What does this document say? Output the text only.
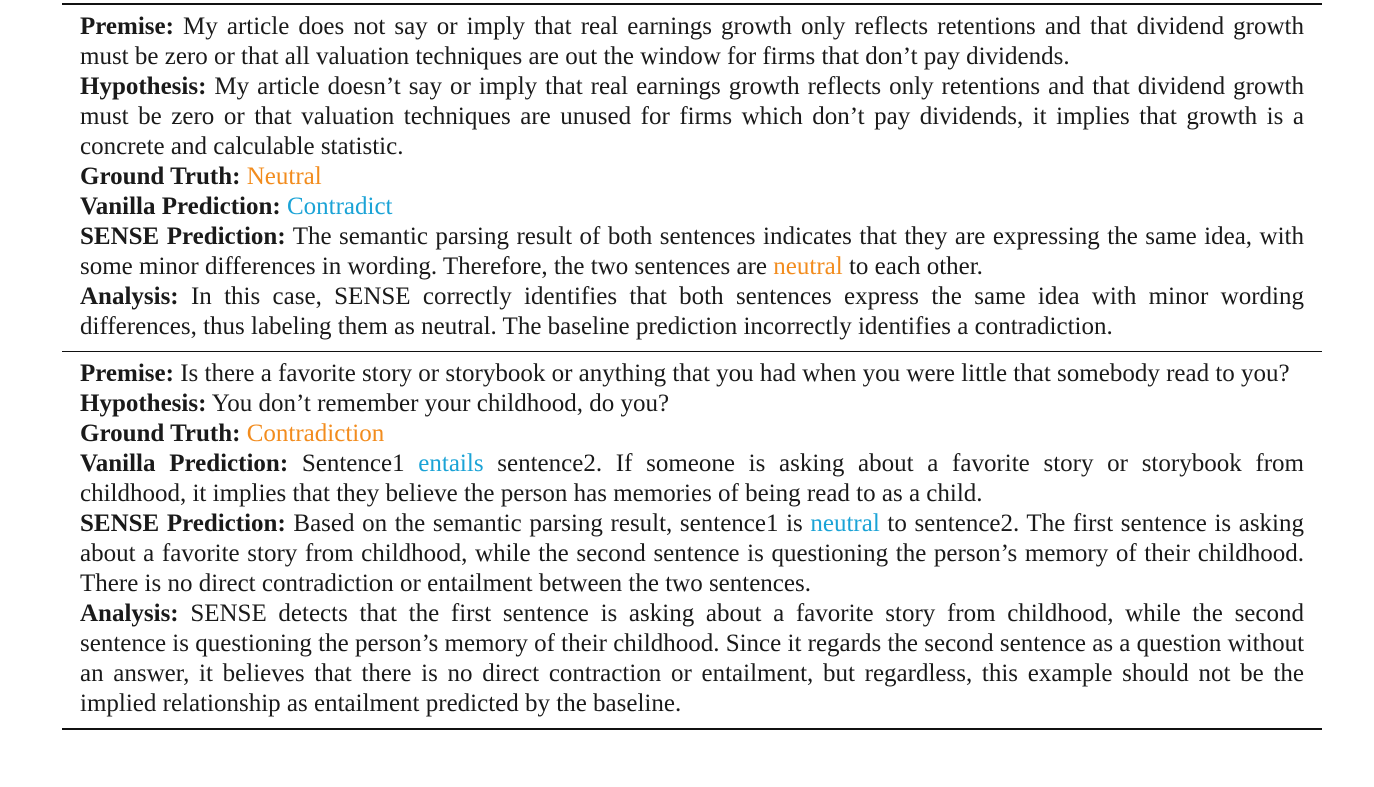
Premise: My article does not say or imply that real earnings growth only reflects retentions and that dividend growth must be zero or that all valuation techniques are out the window for firms that don’t pay dividends.

Hypothesis: My article doesn’t say or imply that real earnings growth reflects only retentions and that dividend growth must be zero or that valuation techniques are unused for firms which don’t pay dividends, it implies that growth is a concrete and calculable statistic.

Ground Truth: Neutral

Vanilla Prediction: Contradict

SENSE Prediction: The semantic parsing result of both sentences indicates that they are expressing the same idea, with some minor differences in wording. Therefore, the two sentences are neutral to each other.

Analysis: In this case, SENSE correctly identifies that both sentences express the same idea with minor wording differences, thus labeling them as neutral. The baseline prediction incorrectly identifies a contradiction.

Premise: Is there a favorite story or storybook or anything that you had when you were little that somebody read to you?

Hypothesis: You don’t remember your childhood, do you?

Ground Truth: Contradiction

Vanilla Prediction: Sentence1 entails sentence2. If someone is asking about a favorite story or storybook from childhood, it implies that they believe the person has memories of being read to as a child.

SENSE Prediction: Based on the semantic parsing result, sentence1 is neutral to sentence2. The first sentence is asking about a favorite story from childhood, while the second sentence is questioning the person’s memory of their childhood. There is no direct contradiction or entailment between the two sentences.

Analysis: SENSE detects that the first sentence is asking about a favorite story from childhood, while the second sentence is questioning the person’s memory of their childhood. Since it regards the second sentence as a question without an answer, it believes that there is no direct contraction or entailment, but regardless, this example should not be the implied relationship as entailment predicted by the baseline.
